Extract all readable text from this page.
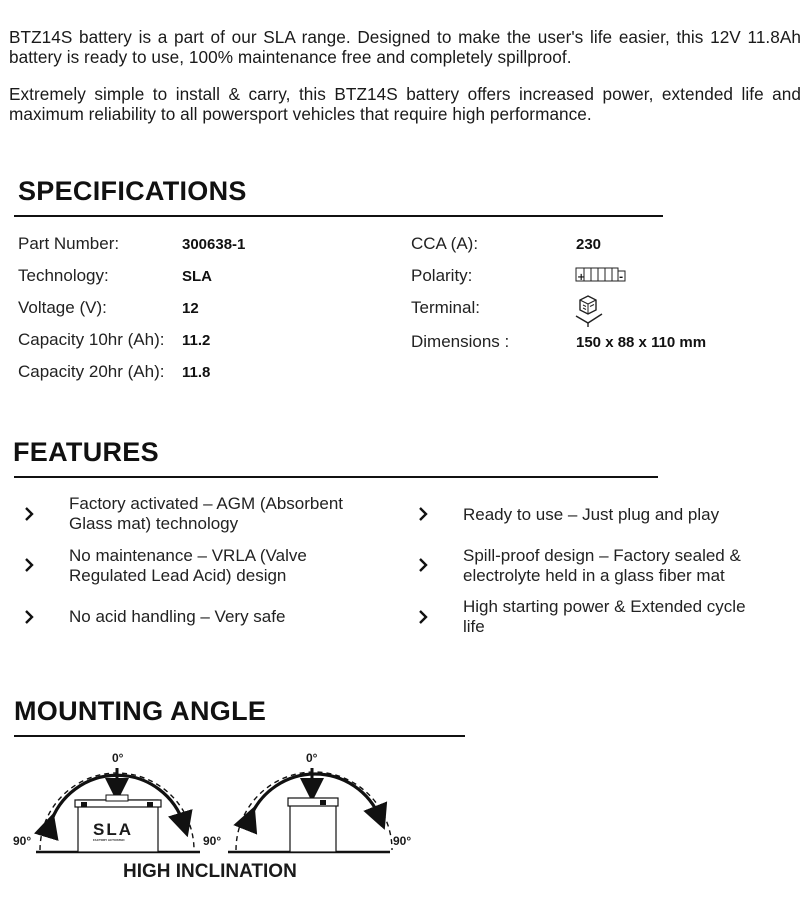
BTZ14S battery is a part of our SLA range. Designed to make the user's life easier, this 12V 11.8Ah battery is ready to use, 100% maintenance free and completely spillproof.
Extremely simple to install & carry, this BTZ14S battery offers increased power, extended life and maximum reliability to all powersport vehicles that require high performance.
SPECIFICATIONS
Part Number:	300638-1
Technology:	SLA
Voltage (V):	12
Capacity 10hr (Ah): 11.2
Capacity 20hr (Ah): 11.8
CCA (A):	230
Polarity:	+	-
Terminal:
Dimensions :	150 x 88 x 110 mm
FEATURES
Factory activated – AGM (Absorbent Glass mat) technology
No maintenance – VRLA (Valve Regulated Lead Acid) design
No acid handling – Very safe
Ready to use – Just plug and play
Spill-proof design – Factory sealed & electrolyte held in a glass fiber mat
High starting power & Extended cycle life
MOUNTING ANGLE
0°	0°
90°	90°	90°
SLA
FACTORY ACTIVATED
HIGH INCLINATION
